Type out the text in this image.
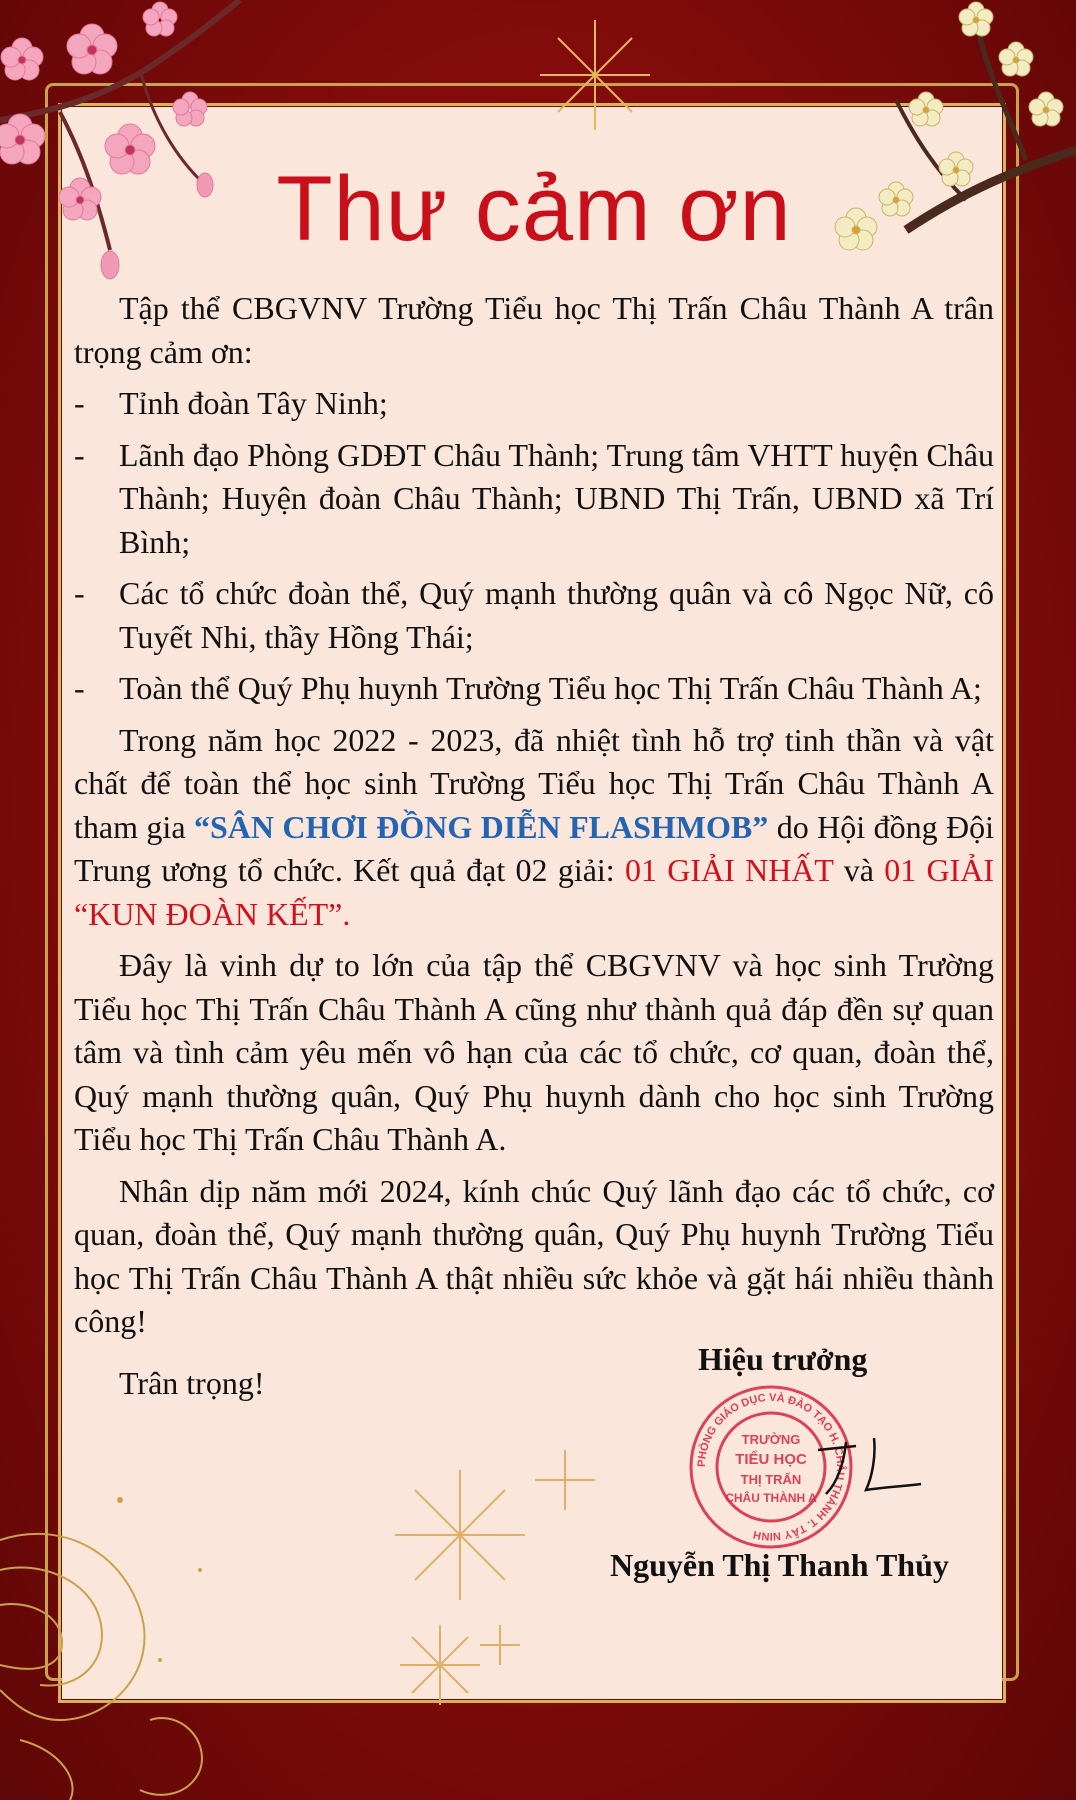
Thư cảm ơn

Tập thể CBGVNV Trường Tiểu học Thị Trấn Châu Thành A trân trọng cảm ơn:

- Tỉnh đoàn Tây Ninh;
- Lãnh đạo Phòng GDĐT Châu Thành; Trung tâm VHTT huyện Châu Thành; Huyện đoàn Châu Thành; UBND Thị Trấn, UBND xã Trí Bình;
- Các tổ chức đoàn thể, Quý mạnh thường quân và cô Ngọc Nữ, cô Tuyết Nhi, thầy Hồng Thái;
- Toàn thể Quý Phụ huynh Trường Tiểu học Thị Trấn Châu Thành A;

Trong năm học 2022 - 2023, đã nhiệt tình hỗ trợ tinh thần và vật chất để toàn thể học sinh Trường Tiểu học Thị Trấn Châu Thành A tham gia “SÂN CHƠI ĐỒNG DIỄN FLASHMOB” do Hội đồng Đội Trung ương tổ chức. Kết quả đạt 02 giải: 01 GIẢI NHẤT và 01 GIẢI “KUN ĐOÀN KẾT”.

Đây là vinh dự to lớn của tập thể CBGVNV và học sinh Trường Tiểu học Thị Trấn Châu Thành A cũng như thành quả đáp đền sự quan tâm và tình cảm yêu mến vô hạn của các tổ chức, cơ quan, đoàn thể, Quý mạnh thường quân, Quý Phụ huynh dành cho học sinh Trường Tiểu học Thị Trấn Châu Thành A.

Nhân dịp năm mới 2024, kính chúc Quý lãnh đạo các tổ chức, cơ quan, đoàn thể, Quý mạnh thường quân, Quý Phụ huynh Trường Tiểu học Thị Trấn Châu Thành A thật nhiều sức khỏe và gặt hái nhiều thành công!

Trân trọng!
Hiệu trưởng
PHÒNG GIÁO DỤC VÀ ĐÀO TẠO H. CHÂU THÀNH T. TÂY NINH
TRƯỜNG
TIỂU HỌC
THỊ TRẤN
CHÂU THÀNH A
Nguyễn Thị Thanh Thủy
